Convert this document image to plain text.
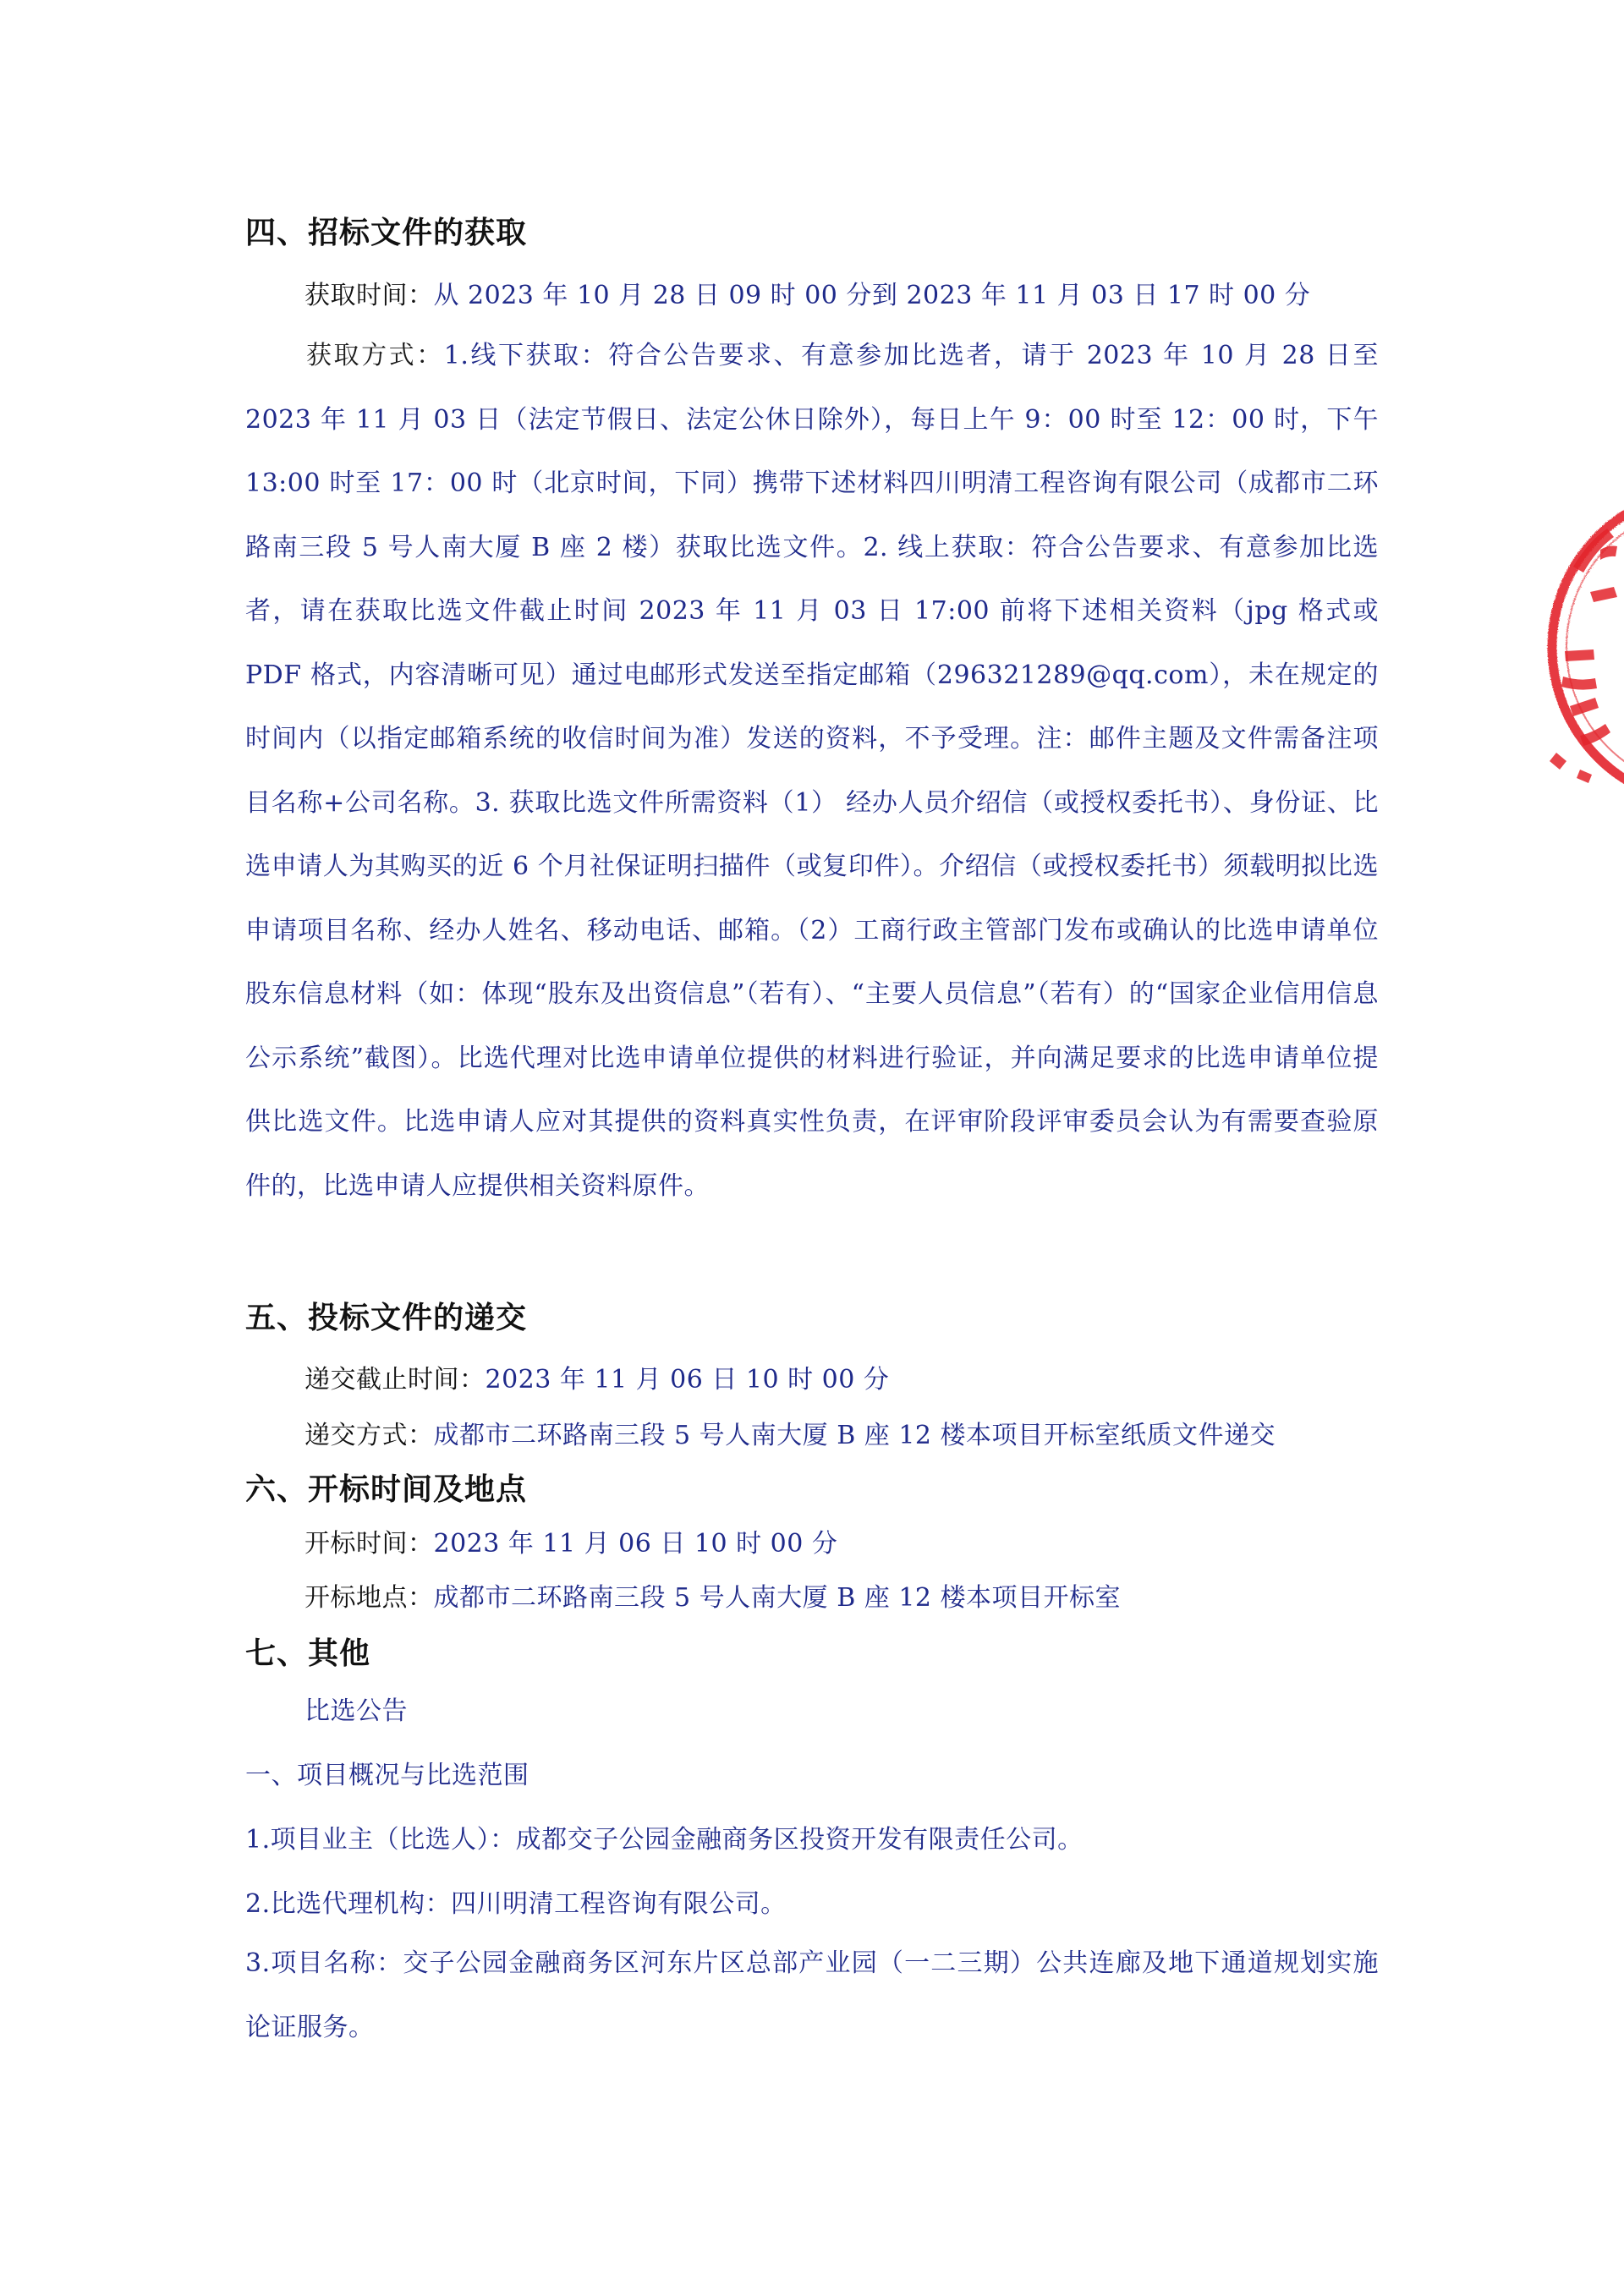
四、招标文件的获取
获取时间：从 2023 年 10 月 28 日 09 时 00 分到 2023 年 11 月 03 日 17 时 00 分
获取方式：1.线下获取：符合公告要求、有意参加比选者，请于 2023 年 10 月 28 日至 2023 年 11 月 03 日（法定节假日、法定公休日除外），每日上午 9：00 时至 12：00 时，下午 13:00 时至 17：00 时（北京时间，下同）携带下述材料四川明清工程咨询有限公司（成都市二环路南三段 5 号人南大厦 B 座 2 楼）获取比选文件。2. 线上获取：符合公告要求、有意参加比选者，请在获取比选文件截止时间 2023 年 11 月 03 日 17:00 前将下述相关资料（jpg 格式或 PDF 格式，内容清晰可见）通过电邮形式发送至指定邮箱（296321289@qq.com），未在规定的时间内（以指定邮箱系统的收信时间为准）发送的资料，不予受理。注：邮件主题及文件需备注项目名称+公司名称。3. 获取比选文件所需资料（1） 经办人员介绍信（或授权委托书）、身份证、比选申请人为其购买的近 6 个月社保证明扫描件（或复印件）。介绍信（或授权委托书）须载明拟比选申请项目名称、经办人姓名、移动电话、邮箱。（2）工商行政主管部门发布或确认的比选申请单位股东信息材料（如：体现“股东及出资信息”（若有）、“主要人员信息”（若有）的“国家企业信用信息公示系统”截图）。比选代理对比选申请单位提供的材料进行验证，并向满足要求的比选申请单位提供比选文件。比选申请人应对其提供的资料真实性负责，在评审阶段评审委员会认为有需要查验原件的，比选申请人应提供相关资料原件。
五、投标文件的递交
递交截止时间：2023 年 11 月 06 日 10 时 00 分
递交方式：成都市二环路南三段 5 号人南大厦 B 座 12 楼本项目开标室纸质文件递交
六、开标时间及地点
开标时间：2023 年 11 月 06 日 10 时 00 分
开标地点：成都市二环路南三段 5 号人南大厦 B 座 12 楼本项目开标室
七、其他
比选公告
一、项目概况与比选范围
1.项目业主（比选人）：成都交子公园金融商务区投资开发有限责任公司。
2.比选代理机构：四川明清工程咨询有限公司。
3.项目名称：交子公园金融商务区河东片区总部产业园（一二三期）公共连廊及地下通道规划实施论证服务。
